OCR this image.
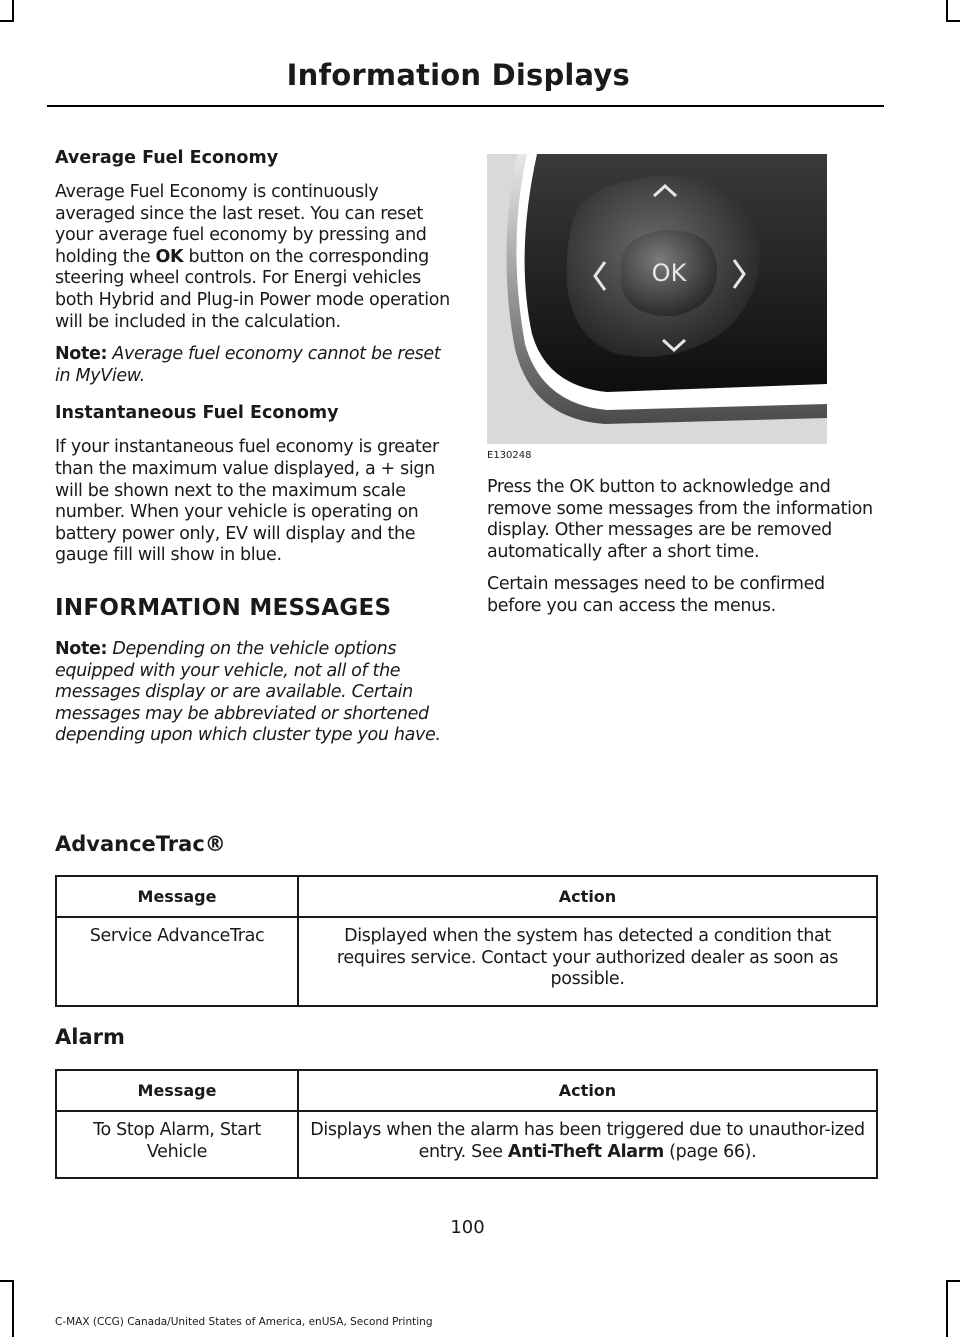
Information Displays
Average Fuel Economy

Average Fuel Economy is continuously averaged since the last reset. You can reset your average fuel economy by pressing and holding the OK button on the corresponding steering wheel controls. For Energi vehicles both Hybrid and Plug-in Power mode operation will be included in the calculation.

Note: Average fuel economy cannot be reset in MyView.

Instantaneous Fuel Economy

If your instantaneous fuel economy is greater than the maximum value displayed, a + sign will be shown next to the maximum scale number. When your vehicle is operating on battery power only, EV will display and the gauge fill will show in blue.

INFORMATION MESSAGES

Note: Depending on the vehicle options equipped with your vehicle, not all of the messages display or are available. Certain messages may be abbreviated or shortened depending upon which cluster type you have.

OK
E130248

Press the OK button to acknowledge and remove some messages from the information display. Other messages are be removed automatically after a short time.

Certain messages need to be confirmed before you can access the menus.

AdvanceTrac®
Message	Action
Service AdvanceTrac	Displayed when the system has detected a condition that requires service. Contact your authorized dealer as soon as possible.
Alarm
Message	Action
To Stop Alarm, Start Vehicle	Displays when the alarm has been triggered due to unauthor-ized entry. See Anti-Theft Alarm (page 66).
100
C-MAX (CCG) Canada/United States of America, enUSA, Second Printing
